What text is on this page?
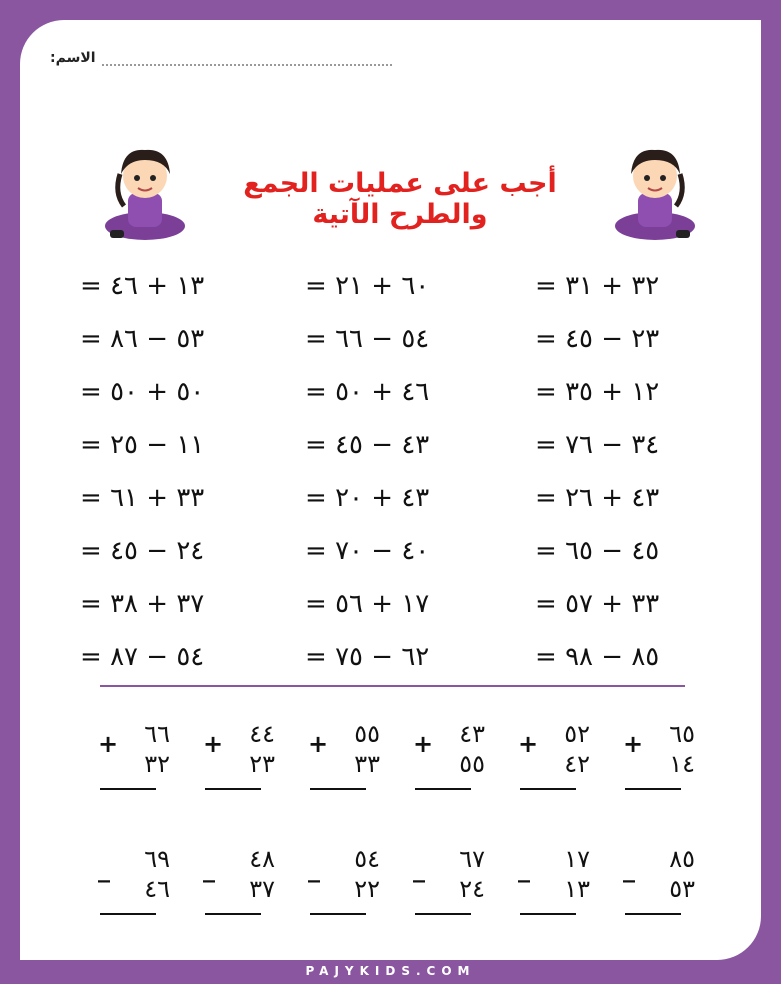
الاسم:
أجب على عمليات الجمع والطرح الآتية
= ١٣ + ٤٦
= ٥٣ − ٨٦
= ٥٠ + ٥٠
= ١١ − ٢٥
= ٣٣ + ٦١
= ٢٤ − ٤٥
= ٣٧ + ٣٨
= ٥٤ − ٨٧
= ٦٠ + ٢١
= ٥٤ − ٦٦
= ٤٦ + ٥٠
= ٤٣ − ٤٥
= ٤٣ + ٢٠
= ٤٠ − ٧٠
= ١٧ + ٥٦
= ٦٢ − ٧٥
= ٣٢ + ٣١
= ٢٣ − ٤٥
= ١٢ + ٣٥
= ٣٤ − ٧٦
= ٤٣ + ٢٦
= ٤٥ − ٦٥
= ٣٣ + ٥٧
= ٨٥ − ٩٨
٦٦
+
٣٢
٤٤
+
٢٣
٥٥
+
٣٣
٤٣
+
٥٥
٥٢
+
٤٢
٦٥
+
١٤
٦٩
_
٤٦
٤٨
_
٣٧
٥٤
_
٢٢
٦٧
_
٢٤
١٧
_
١٣
٨٥
_
٥٣
PAJYKIDS.COM
